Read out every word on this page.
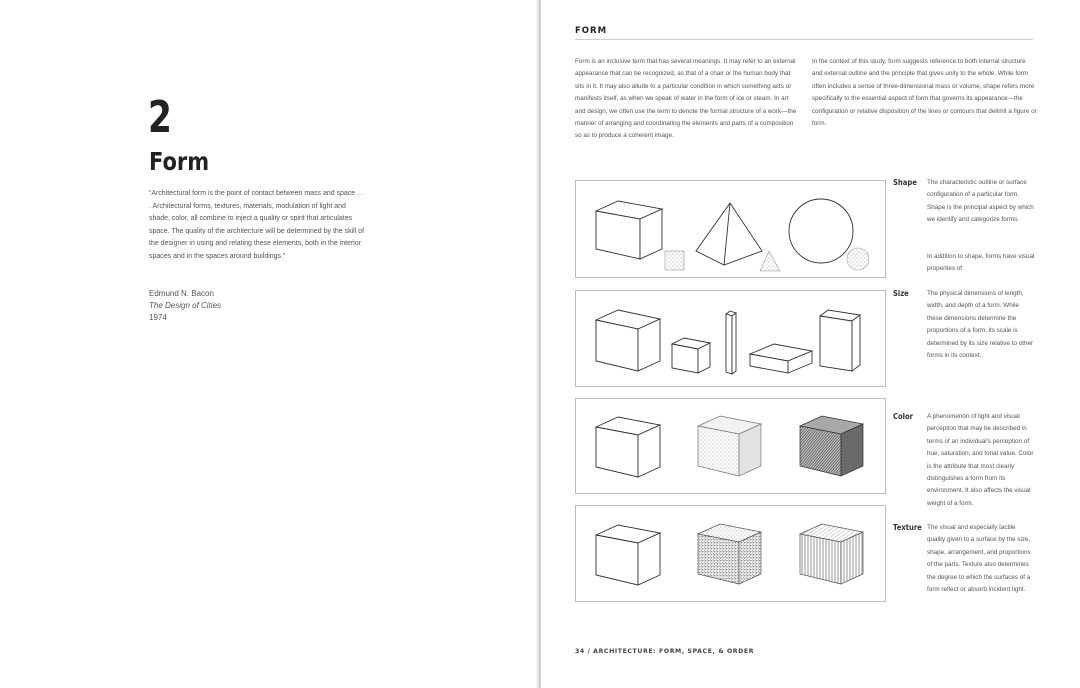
2
Form
“Architectural form is the point of contact between mass and space . . . Architectural forms, textures, materials, modulation of light and shade, color, all combine to inject a quality or spirit that articulates space. The quality of the architecture will be determined by the skill of the designer in using and relating these elements, both in the interior spaces and in the spaces around buildings.”
Edmund N. Bacon
The Design of Cities
1974
FORM
Form is an inclusive term that has several meanings. It may refer to an external appearance that can be recognized, as that of a chair or the human body that sits in it. It may also allude to a particular condition in which something acts or manifests itself, as when we speak of water in the form of ice or steam. In art and design, we often use the term to denote the formal structure of a work—the manner of arranging and coordinating the elements and parts of a composition so as to produce a coherent image.
In the context of this study, form suggests reference to both internal structure and external outline and the principle that gives unity to the whole. While form often includes a sense of three-dimensional mass or volume, shape refers more specifically to the essential aspect of form that governs its appearance—the configuration or relative disposition of the lines or contours that delimit a figure or form.
Shape The characteristic outline or surface configuration of a particular form. Shape is the principal aspect by which we identify and categorize forms.
In addition to shape, forms have visual properties of:
Size	The physical dimensions of length, width, and depth of a form. While these dimensions determine the proportions of a form, its scale is determined by its size relative to other forms in its context.
Color A phenomenon of light and visual perception that may be described in terms of an individual’s perception of hue, saturation, and tonal value. Color is the attribute that most clearly distinguishes a form from its environment. It also affects the visual weight of a form.
Texture The visual and especially tactile quality given to a surface by the size, shape, arrangement, and proportions of the parts. Texture also determines the degree to which the surfaces of a form reflect or absorb incident light.
34 / ARCHITECTURE: FORM, SPACE, & ORDER
